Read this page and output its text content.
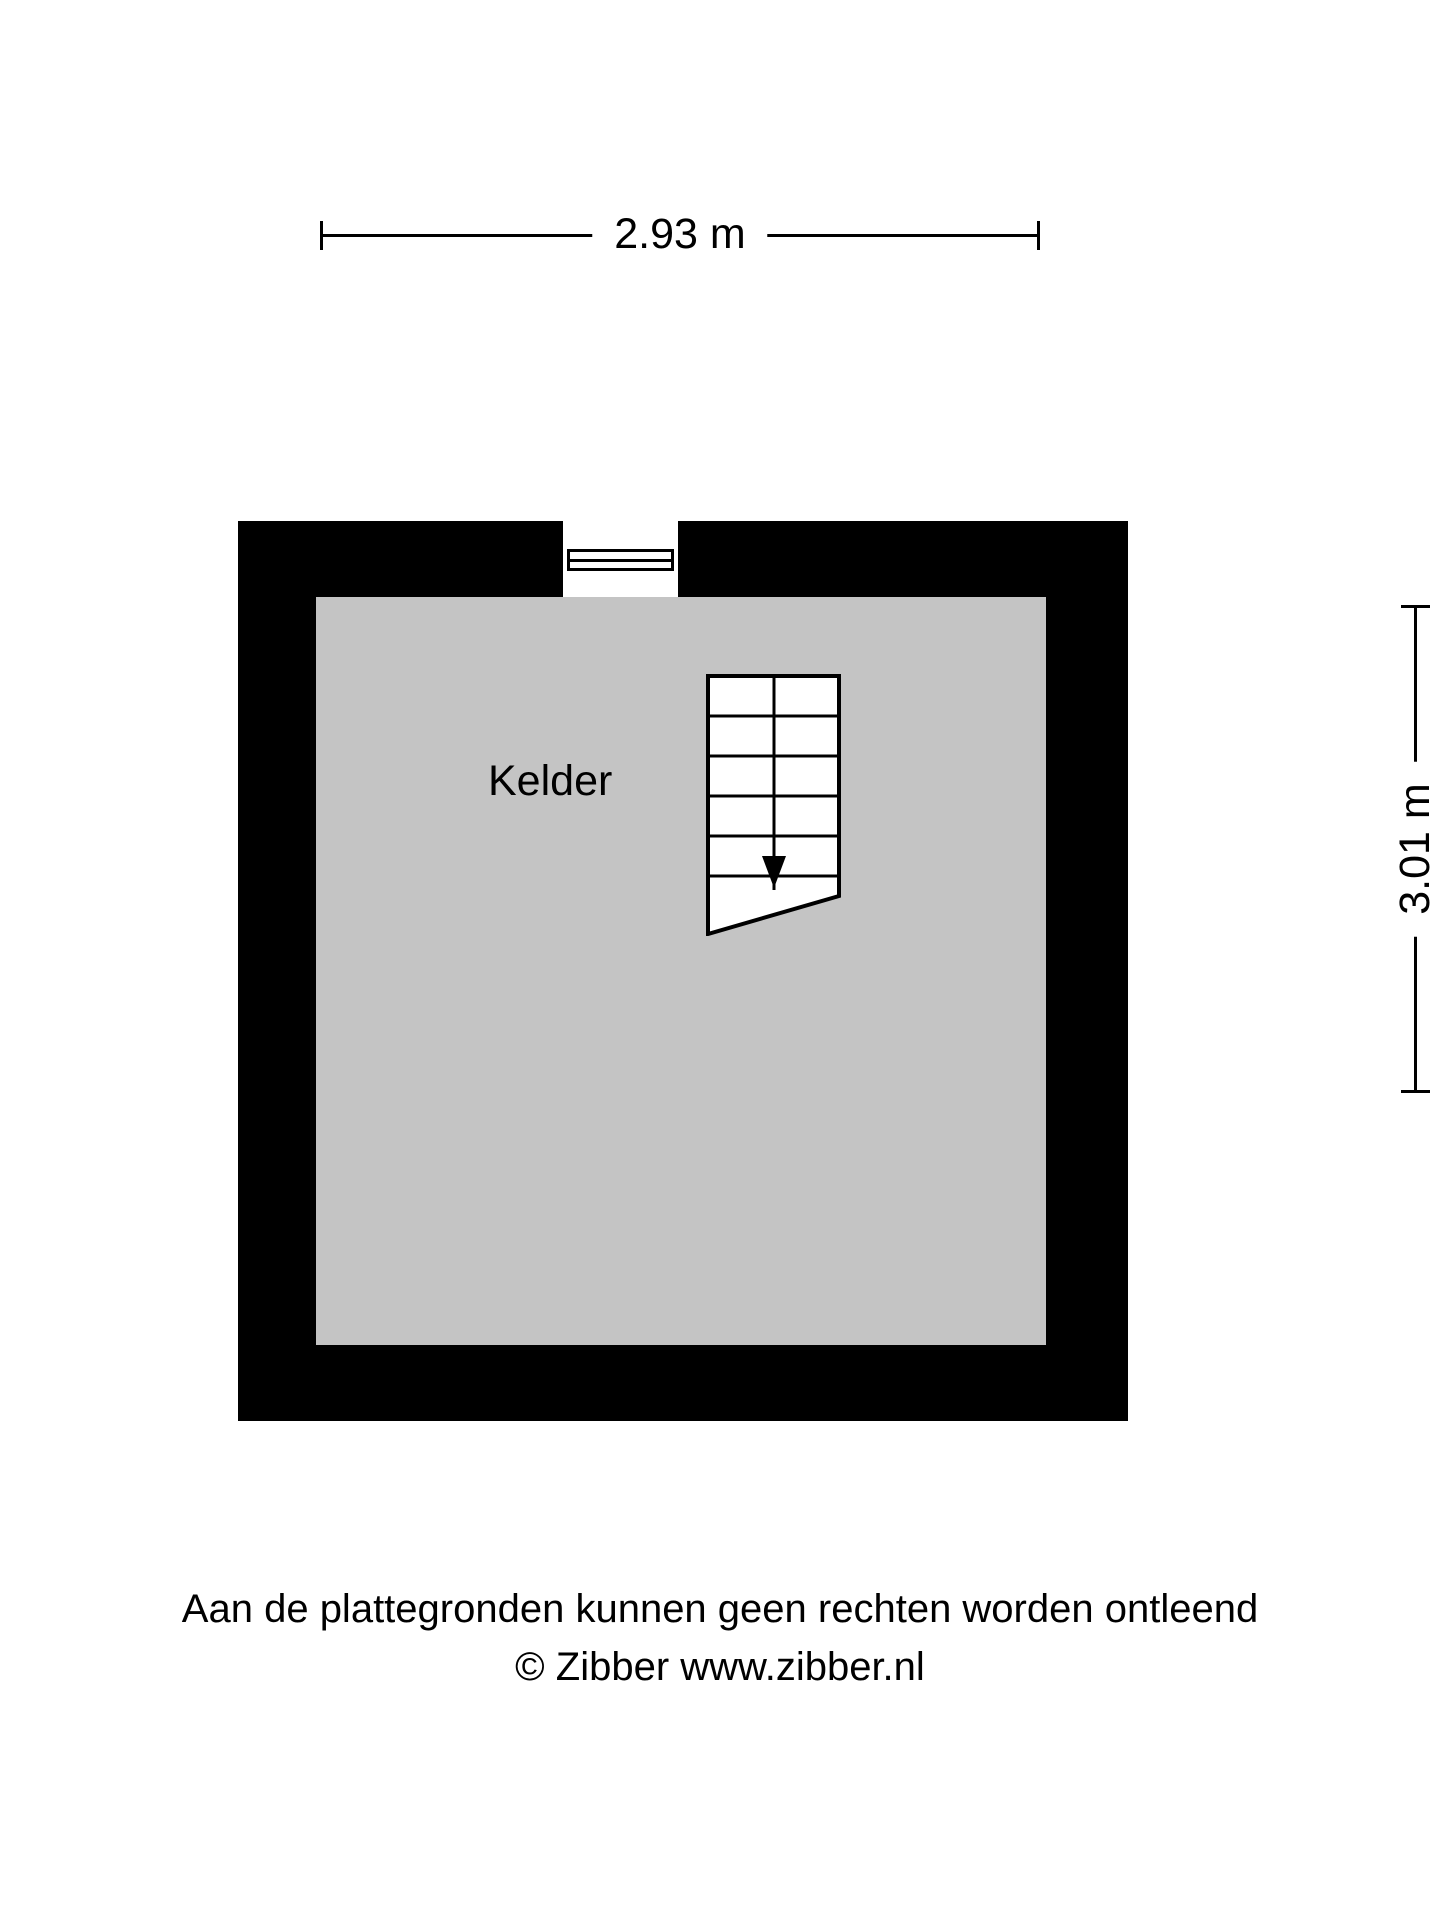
2.93 m
3.01 m
Kelder
Aan de plattegronden kunnen geen rechten worden ontleend
© Zibber www.zibber.nl
